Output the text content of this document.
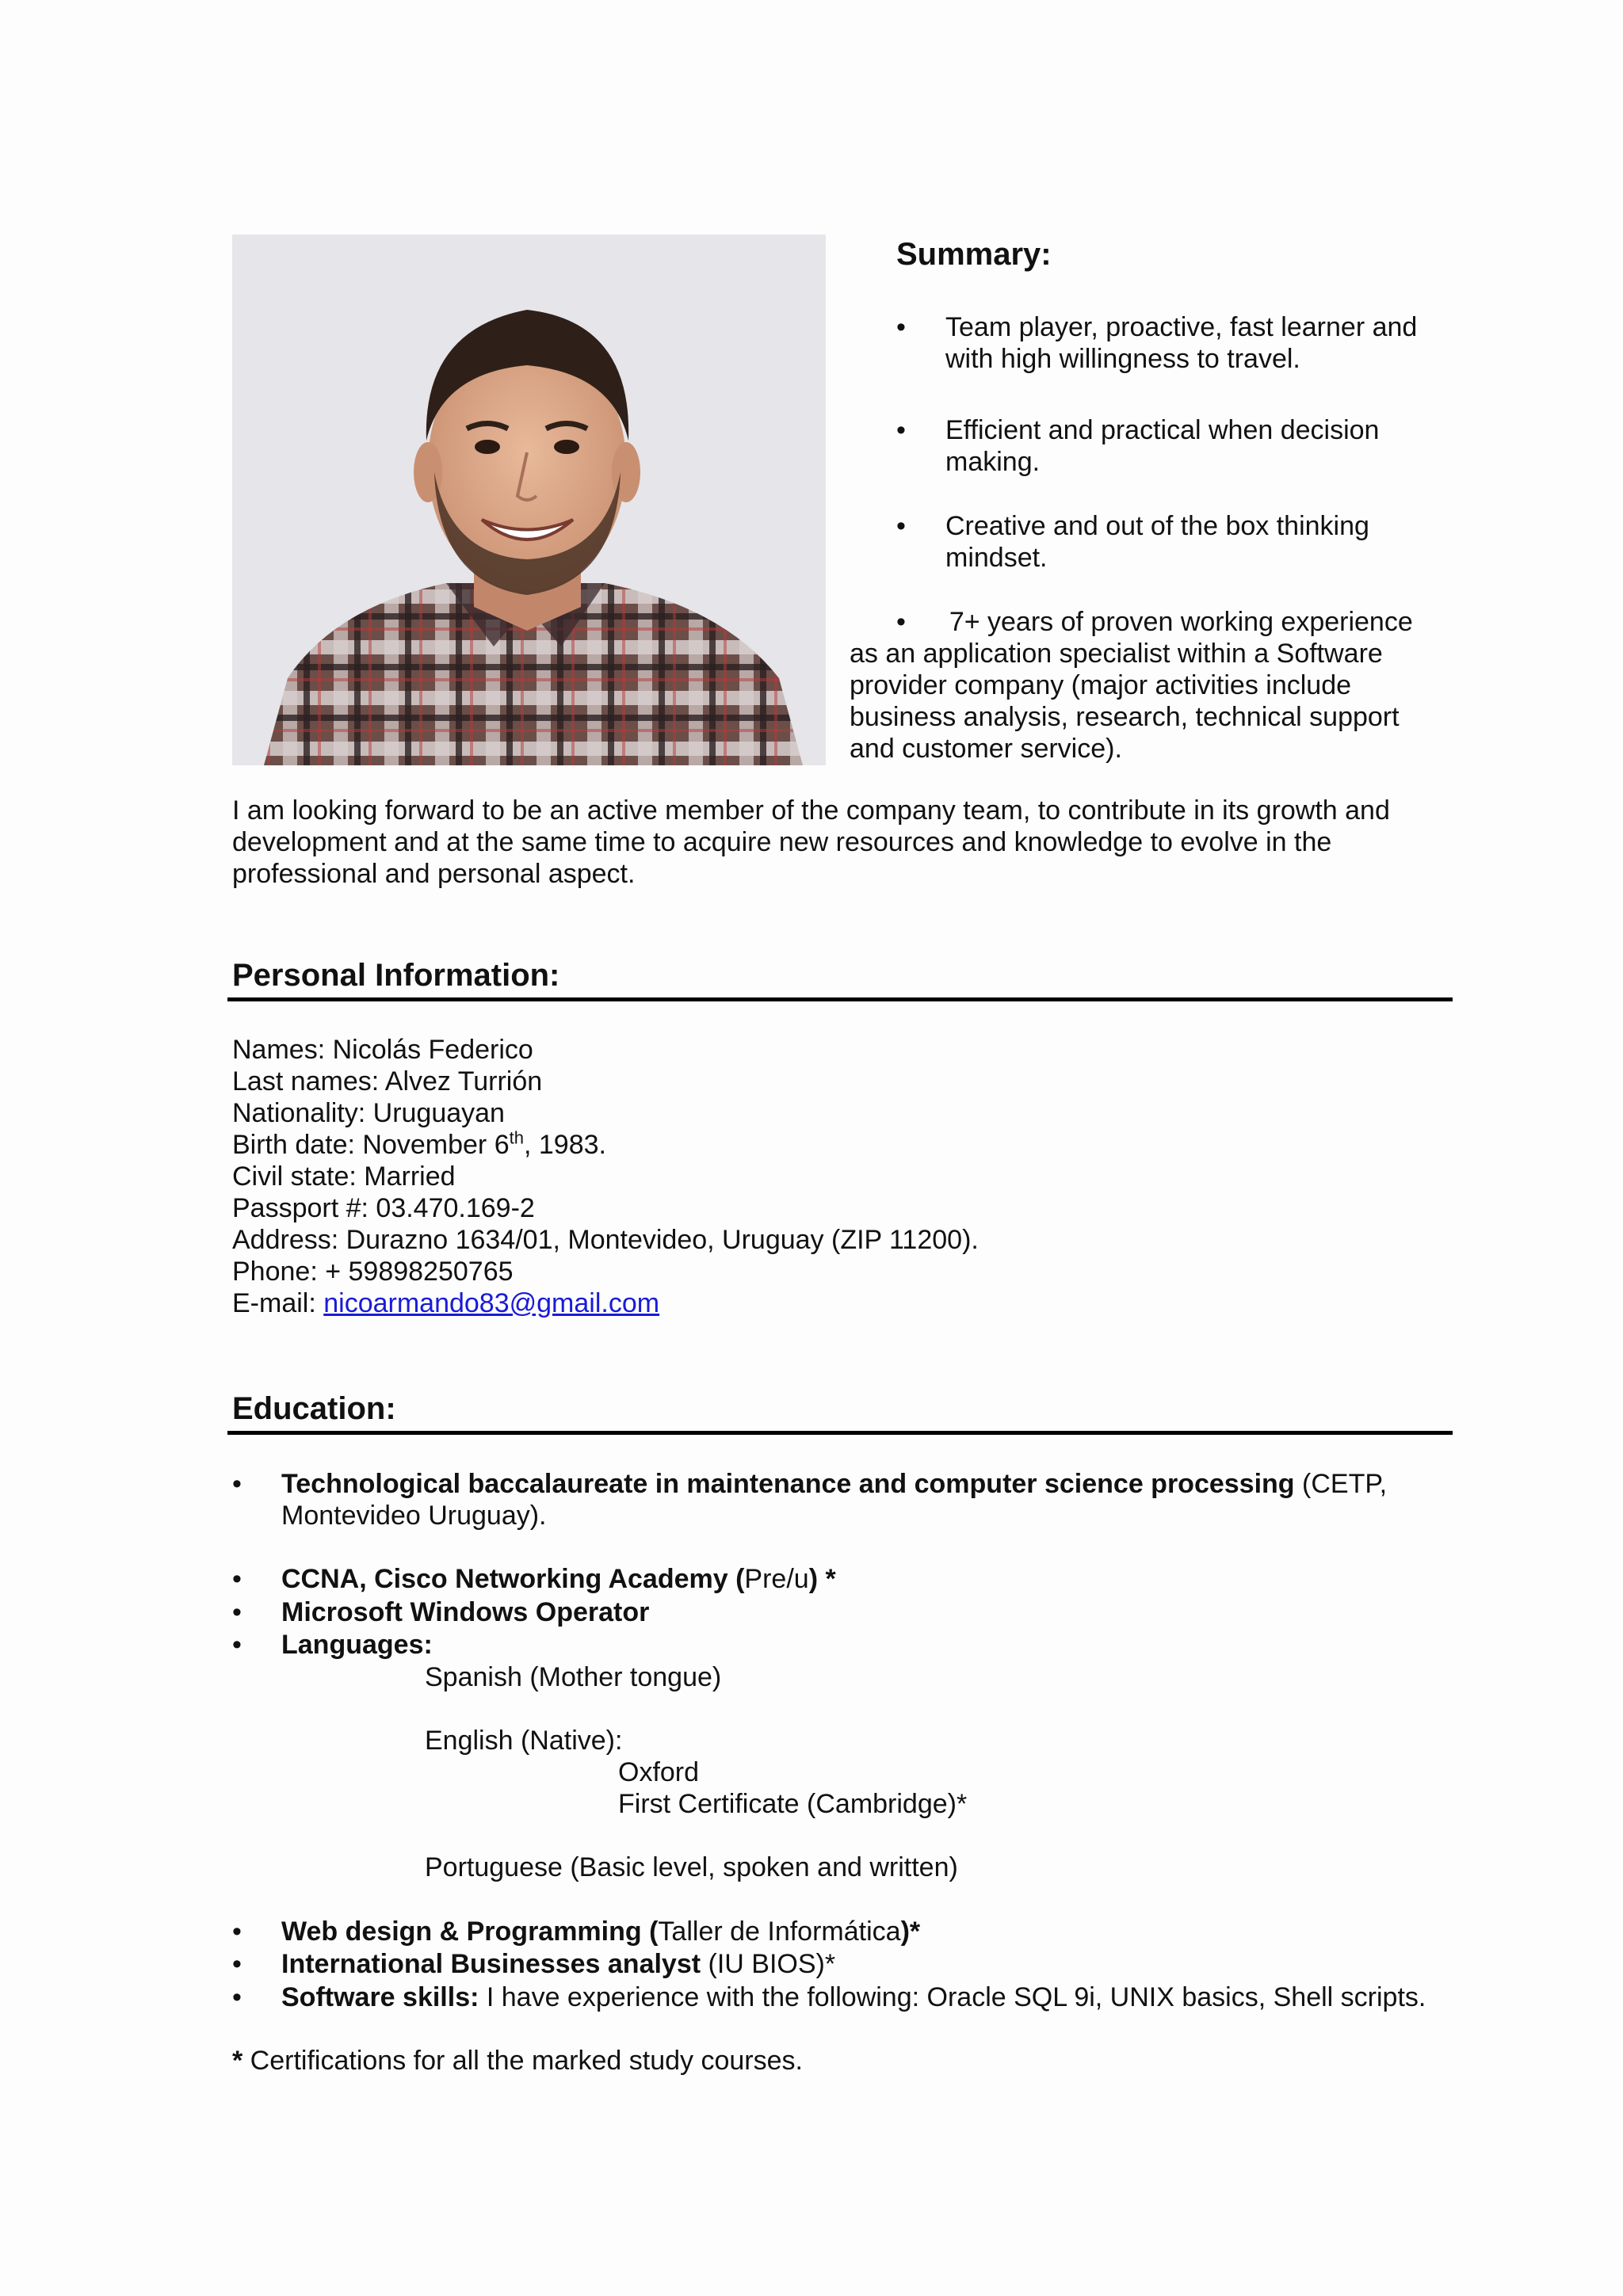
Summary:
• Team player, proactive, fast learner and
with high willingness to travel.
• Efficient and practical when decision
making.
• Creative and out of the box thinking
mindset.
• 7+ years of proven working experience
as an application specialist within a Software
provider company (major activities include
business analysis, research, technical support
and customer service).
I am looking forward to be an active member of the company team, to contribute in its growth and
development and at the same time to acquire new resources and knowledge to evolve in the
professional and personal aspect.
Personal Information:
Names: Nicolás Federico
Last names: Alvez Turrión
Nationality: Uruguayan
Birth date: November 6th, 1983.
Civil state: Married
Passport #: 03.470.169-2
Address: Durazno 1634/01, Montevideo, Uruguay (ZIP 11200).
Phone: + 59898250765
E-mail: nicoarmando83@gmail.com
Education:
• Technological baccalaureate in maintenance and computer science processing (CETP,
Montevideo Uruguay).
• CCNA, Cisco Networking Academy (Pre/u) *
• Microsoft Windows Operator
• Languages:
Spanish (Mother tongue)
English (Native):
Oxford
First Certificate (Cambridge)*
Portuguese (Basic level, spoken and written)
• Web design & Programming (Taller de Informática)*
• International Businesses analyst (IU BIOS)*
• Software skills: I have experience with the following: Oracle SQL 9i, UNIX basics, Shell scripts.
* Certifications for all the marked study courses.
